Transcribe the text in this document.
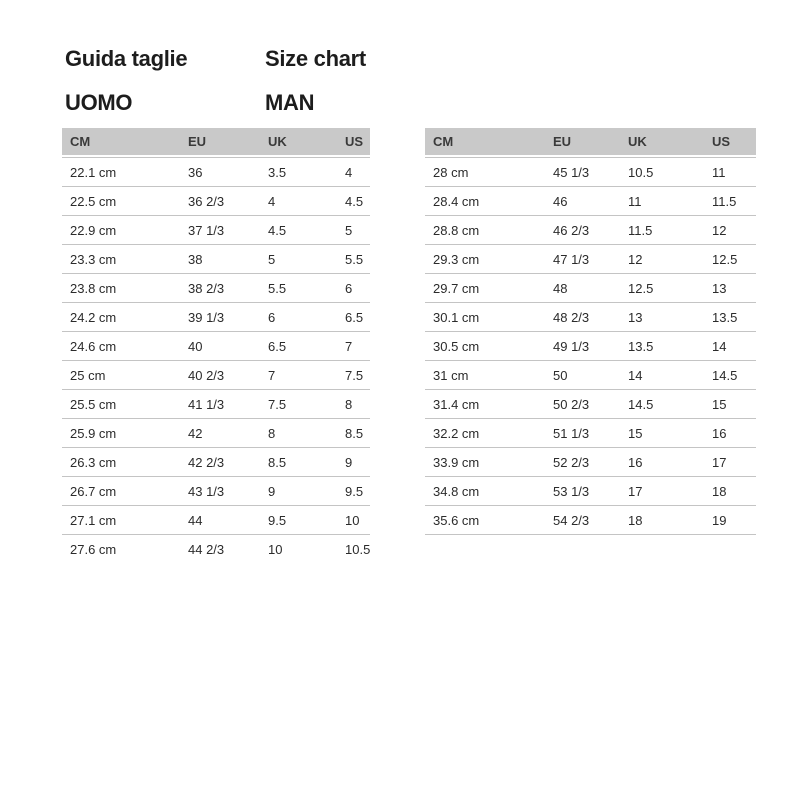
Guida taglie	Size chart
UOMO	MAN
CM	EU	UK	US
22.1 cm	36	3.5	4
22.5 cm	36 2/3	4	4.5
22.9 cm	37 1/3	4.5	5
23.3 cm	38	5	5.5
23.8 cm	38 2/3	5.5	6
24.2 cm	39 1/3	6	6.5
24.6 cm	40	6.5	7
25 cm	40 2/3	7	7.5
25.5 cm	41 1/3	7.5	8
25.9 cm	42	8	8.5
26.3 cm	42 2/3	8.5	9
26.7 cm	43 1/3	9	9.5
27.1 cm	44	9.5	10
27.6 cm	44 2/3	10	10.5
CM	EU	UK	US
28 cm	45 1/3	10.5	11
28.4 cm	46	11	11.5
28.8 cm	46 2/3	11.5	12
29.3 cm	47 1/3	12	12.5
29.7 cm	48	12.5	13
30.1 cm	48 2/3	13	13.5
30.5 cm	49 1/3	13.5	14
31 cm	50	14	14.5
31.4 cm	50 2/3	14.5	15
32.2 cm	51 1/3	15	16
33.9 cm	52 2/3	16	17
34.8 cm	53 1/3	17	18
35.6 cm	54 2/3	18	19
